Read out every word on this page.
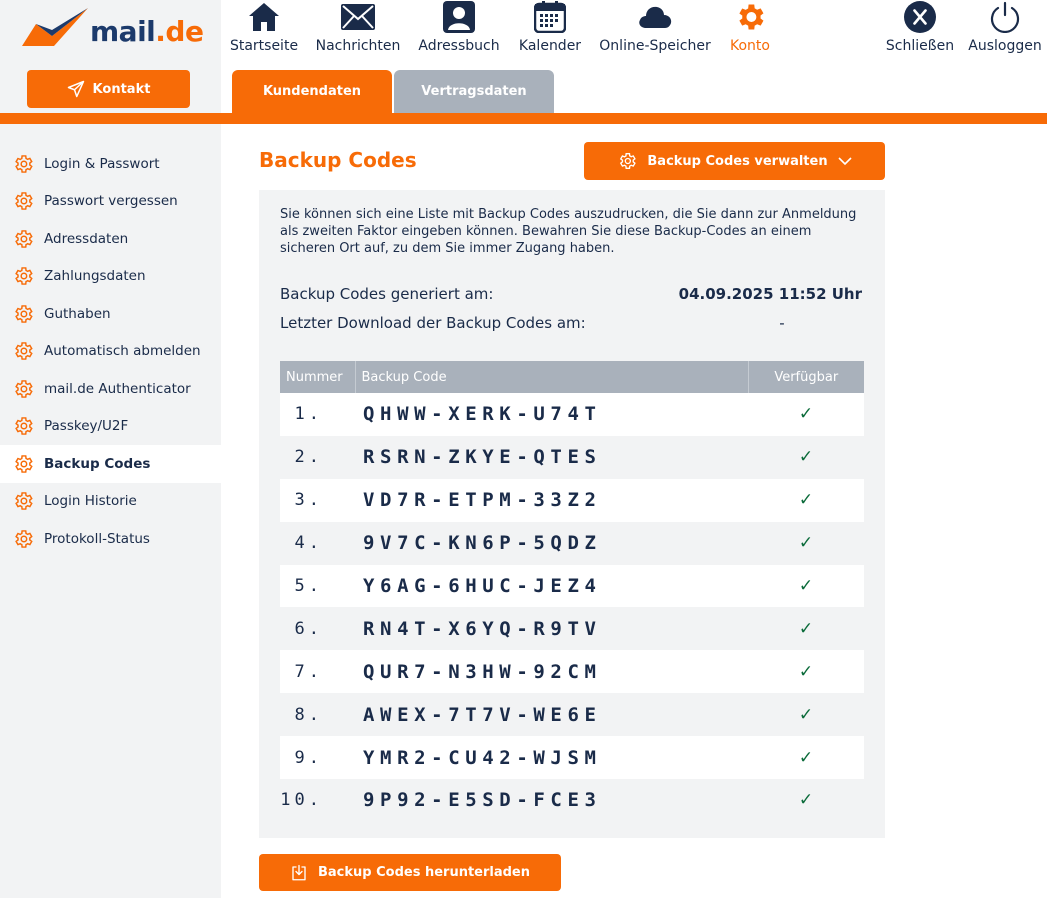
mail.de
Kontakt
Startseite Nachrichten Adressbuch Kalender Online-Speicher Konto	Schließen Ausloggen
Kundendaten	Vertragsdaten
Login & Passwort
Passwort vergessen
Adressdaten
Zahlungsdaten
Guthaben
Automatisch abmelden
mail.de Authenticator
Passkey/U2F
Backup Codes
Login Historie
Protokoll-Status
Backup Codes	Backup Codes verwalten

Sie können sich eine Liste mit Backup Codes auszudrucken, die Sie dann zur Anmeldung als zweiten Faktor eingeben können. Bewahren Sie diese Backup-Codes an einem sicheren Ort auf, zu dem Sie immer Zugang haben.

Backup Codes generiert am:	04.09.2025 11:52 Uhr
Letzter Download der Backup Codes am:	-
Nummer	Backup Code	Verfügbar
1.	QHWW-XERK-U74T	✓
2.	RSRN-ZKYE-QTES	✓
3.	VD7R-ETPM-33Z2	✓
4.	9V7C-KN6P-5QDZ	✓
5.	Y6AG-6HUC-JEZ4	✓
6.	RN4T-X6YQ-R9TV	✓
7.	QUR7-N3HW-92CM	✓
8.	AWEX-7T7V-WE6E	✓
9.	YMR2-CU42-WJSM	✓
10.	9P92-E5SD-FCE3	✓
Backup Codes herunterladen
